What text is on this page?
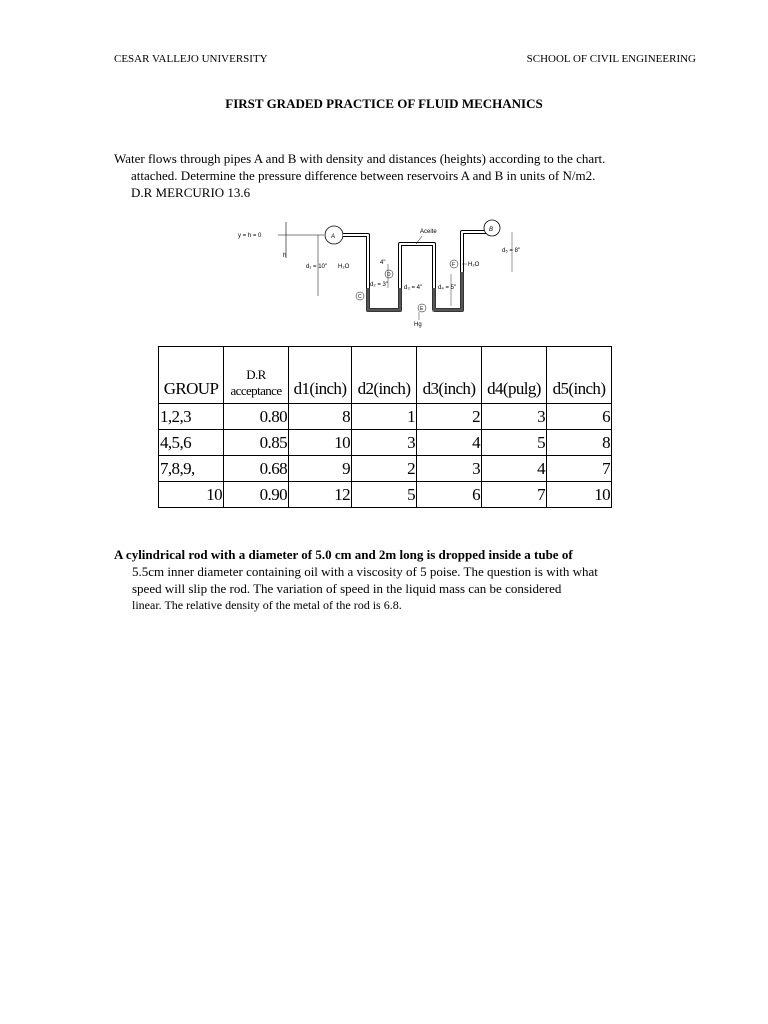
CESAR VALLEJO UNIVERSITY	SCHOOL OF CIVIL ENGINEERING
FIRST GRADED PRACTICE OF FLUID MECHANICS
Water flows through pipes A and B with density and distances (heights) according to the chart.
attached. Determine the pressure difference between reservoirs A and B in units of N/m2.
D.R MERCURIO 13.6
y = h = 0
h
A
d₁ = 10" H₂O
B
Aceite
C
D
E
F
4"
d₂ = 3"	d₃ = 4"	d₄ = 5"
H₂O
d₅ = 8"
Hg
GROUP	D.R acceptance	d1(inch)	d2(inch)	d3(inch)	d4(pulg)	d5(inch)
1,2,3	0.80	8	1	2	3	6
4,5,6	0.85	10	3	4	5	8
7,8,9,	0.68	9	2	3	4	7
10	0.90	12	5	6	7	10
A cylindrical rod with a diameter of 5.0 cm and 2m long is dropped inside a tube of
5.5cm inner diameter containing oil with a viscosity of 5 poise. The question is with what
speed will slip the rod. The variation of speed in the liquid mass can be considered
linear. The relative density of the metal of the rod is 6.8.
